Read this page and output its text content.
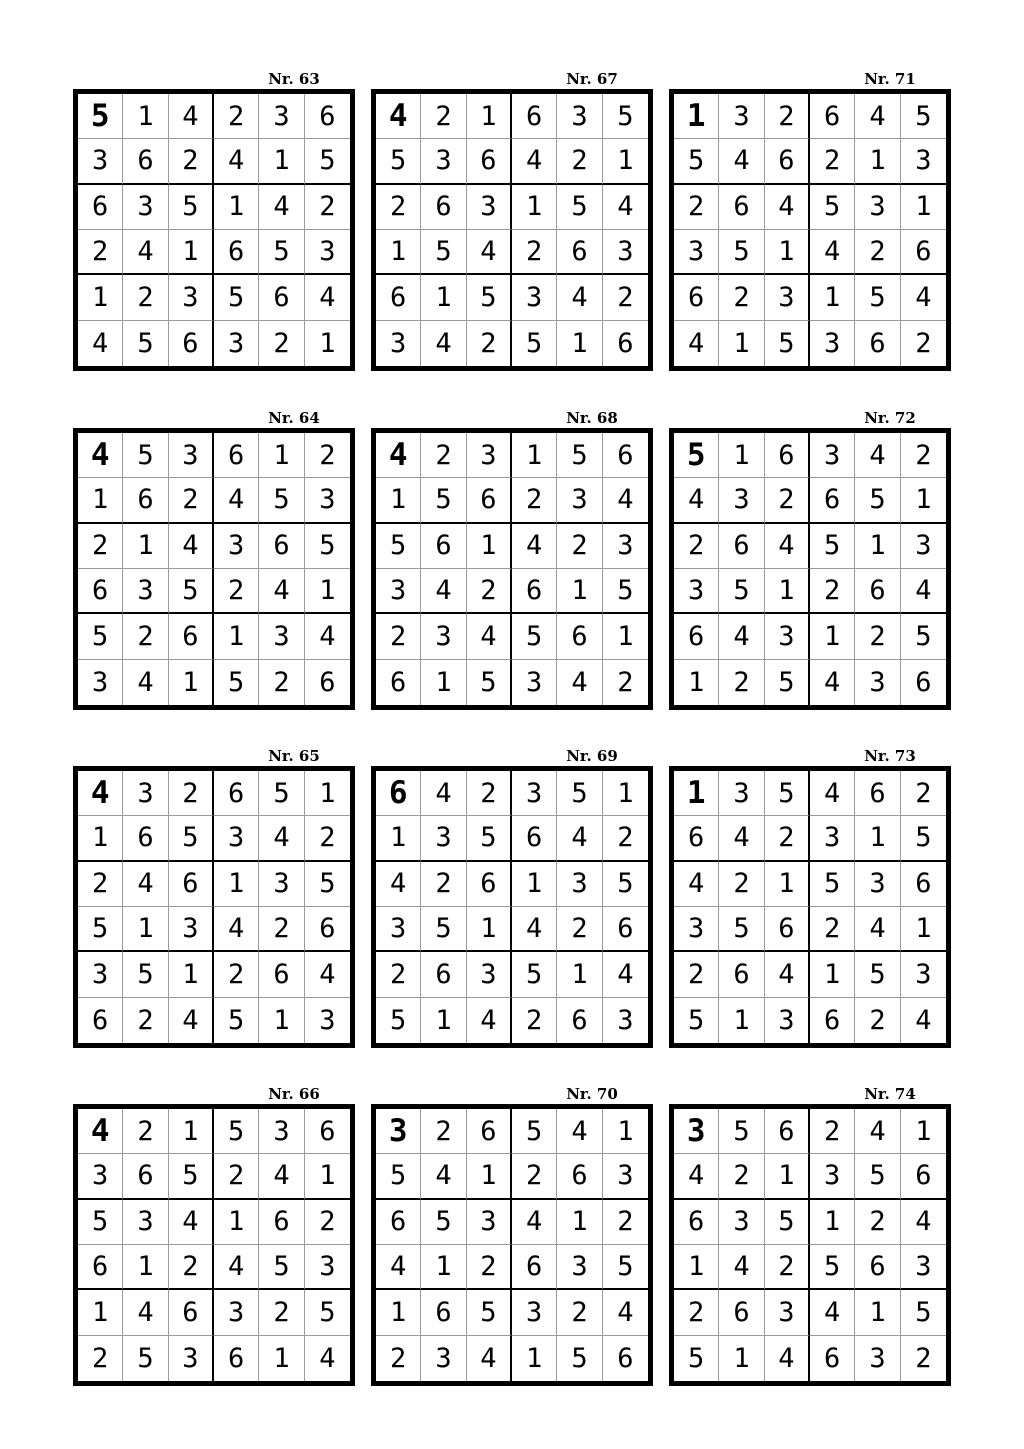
Nr. 63
5	1	4	2	3	6
3	6	2	4	1	5
6	3	5	1	4	2
2	4	1	6	5	3
1	2	3	5	6	4
4	5	6	3	2	1
Nr. 67
4	2	1	6	3	5
5	3	6	4	2	1
2	6	3	1	5	4
1	5	4	2	6	3
6	1	5	3	4	2
3	4	2	5	1	6
Nr. 71
1	3	2	6	4	5
5	4	6	2	1	3
2	6	4	5	3	1
3	5	1	4	2	6
6	2	3	1	5	4
4	1	5	3	6	2
Nr. 64
4	5	3	6	1	2
1	6	2	4	5	3
2	1	4	3	6	5
6	3	5	2	4	1
5	2	6	1	3	4
3	4	1	5	2	6
Nr. 68
4	2	3	1	5	6
1	5	6	2	3	4
5	6	1	4	2	3
3	4	2	6	1	5
2	3	4	5	6	1
6	1	5	3	4	2
Nr. 72
5	1	6	3	4	2
4	3	2	6	5	1
2	6	4	5	1	3
3	5	1	2	6	4
6	4	3	1	2	5
1	2	5	4	3	6
Nr. 65
4	3	2	6	5	1
1	6	5	3	4	2
2	4	6	1	3	5
5	1	3	4	2	6
3	5	1	2	6	4
6	2	4	5	1	3
Nr. 69
6	4	2	3	5	1
1	3	5	6	4	2
4	2	6	1	3	5
3	5	1	4	2	6
2	6	3	5	1	4
5	1	4	2	6	3
Nr. 73
1	3	5	4	6	2
6	4	2	3	1	5
4	2	1	5	3	6
3	5	6	2	4	1
2	6	4	1	5	3
5	1	3	6	2	4
Nr. 66
4	2	1	5	3	6
3	6	5	2	4	1
5	3	4	1	6	2
6	1	2	4	5	3
1	4	6	3	2	5
2	5	3	6	1	4
Nr. 70
3	2	6	5	4	1
5	4	1	2	6	3
6	5	3	4	1	2
4	1	2	6	3	5
1	6	5	3	2	4
2	3	4	1	5	6
Nr. 74
3	5	6	2	4	1
4	2	1	3	5	6
6	3	5	1	2	4
1	4	2	5	6	3
2	6	3	4	1	5
5	1	4	6	3	2
